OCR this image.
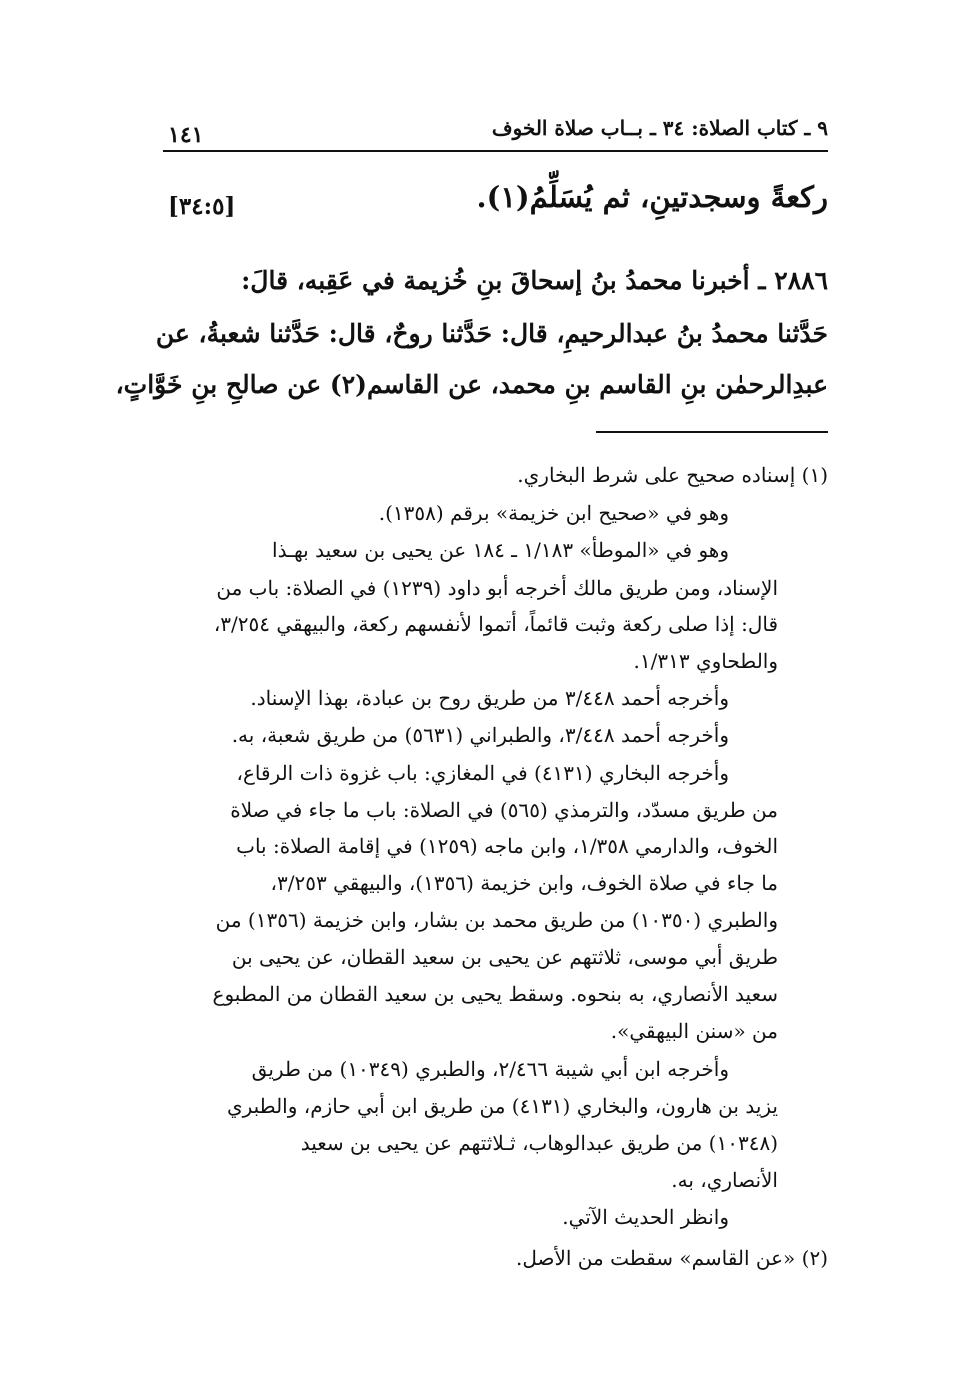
٩ ـ كتاب الصلاة: ٣٤ ـ بــاب صلاة الخوف
١٤١
ركعةً وسجدتينِ، ثم يُسَلِّمُ(١).
[٣٤:٥]
٢٨٨٦ ـ أخبرنا محمدُ بنُ إسحاقَ بنِ خُزيمة في عَقِبه، قالَ:
حَدَّثنا محمدُ بنُ عبدالرحيمِ، قال: حَدَّثنا روحٌ، قال: حَدَّثنا شعبةُ، عن
عبدِالرحمٰن بنِ القاسم بنِ محمد، عن القاسم(٢) عن صالحِ بنِ خَوَّاتٍ،
(١) إسناده صحيح على شرط البخاري.
وهو في «صحيح ابن خزيمة» برقم (١٣٥٨).
وهو في «الموطأ» ١/١٨٣ ـ ١٨٤ عن يحيى بن سعيد بهـذا
الإسناد، ومن طريق مالك أخرجه أبو داود (١٢٣٩) في الصلاة: باب من
قال: إذا صلى ركعة وثبت قائماً، أتموا لأنفسهم ركعة، والبيهقي ٣/٢٥٤،
والطحاوي ١/٣١٣.
وأخرجه أحمد ٣/٤٤٨ من طريق روح بن عبادة، بهذا الإسناد.
وأخرجه أحمد ٣/٤٤٨، والطبراني (٥٦٣١) من طريق شعبة، به.
وأخرجه البخاري (٤١٣١) في المغازي: باب غزوة ذات الرقاع،
من طريق مسدّد، والترمذي (٥٦٥) في الصلاة: باب ما جاء في صلاة
الخوف، والدارمي ١/٣٥٨، وابن ماجه (١٢٥٩) في إقامة الصلاة: باب
ما جاء في صلاة الخوف، وابن خزيمة (١٣٥٦)، والبيهقي ٣/٢٥٣،
والطبري (١٠٣٥٠) من طريق محمد بن بشار، وابن خزيمة (١٣٥٦) من
طريق أبي موسى، ثلاثتهم عن يحيى بن سعيد القطان، عن يحيى بن
سعيد الأنصاري، به بنحوه. وسقط يحيى بن سعيد القطان من المطبوع
من «سنن البيهقي».
وأخرجه ابن أبي شيبة ٢/٤٦٦، والطبري (١٠٣٤٩) من طريق
يزيد بن هارون، والبخاري (٤١٣١) من طريق ابن أبي حازم، والطبري
(١٠٣٤٨) من طريق عبدالوهاب، ثـلاثتهم عن يحيى بن سعيد
الأنصاري، به.
وانظر الحديث الآتي.
(٢) «عن القاسم» سقطت من الأصل.
